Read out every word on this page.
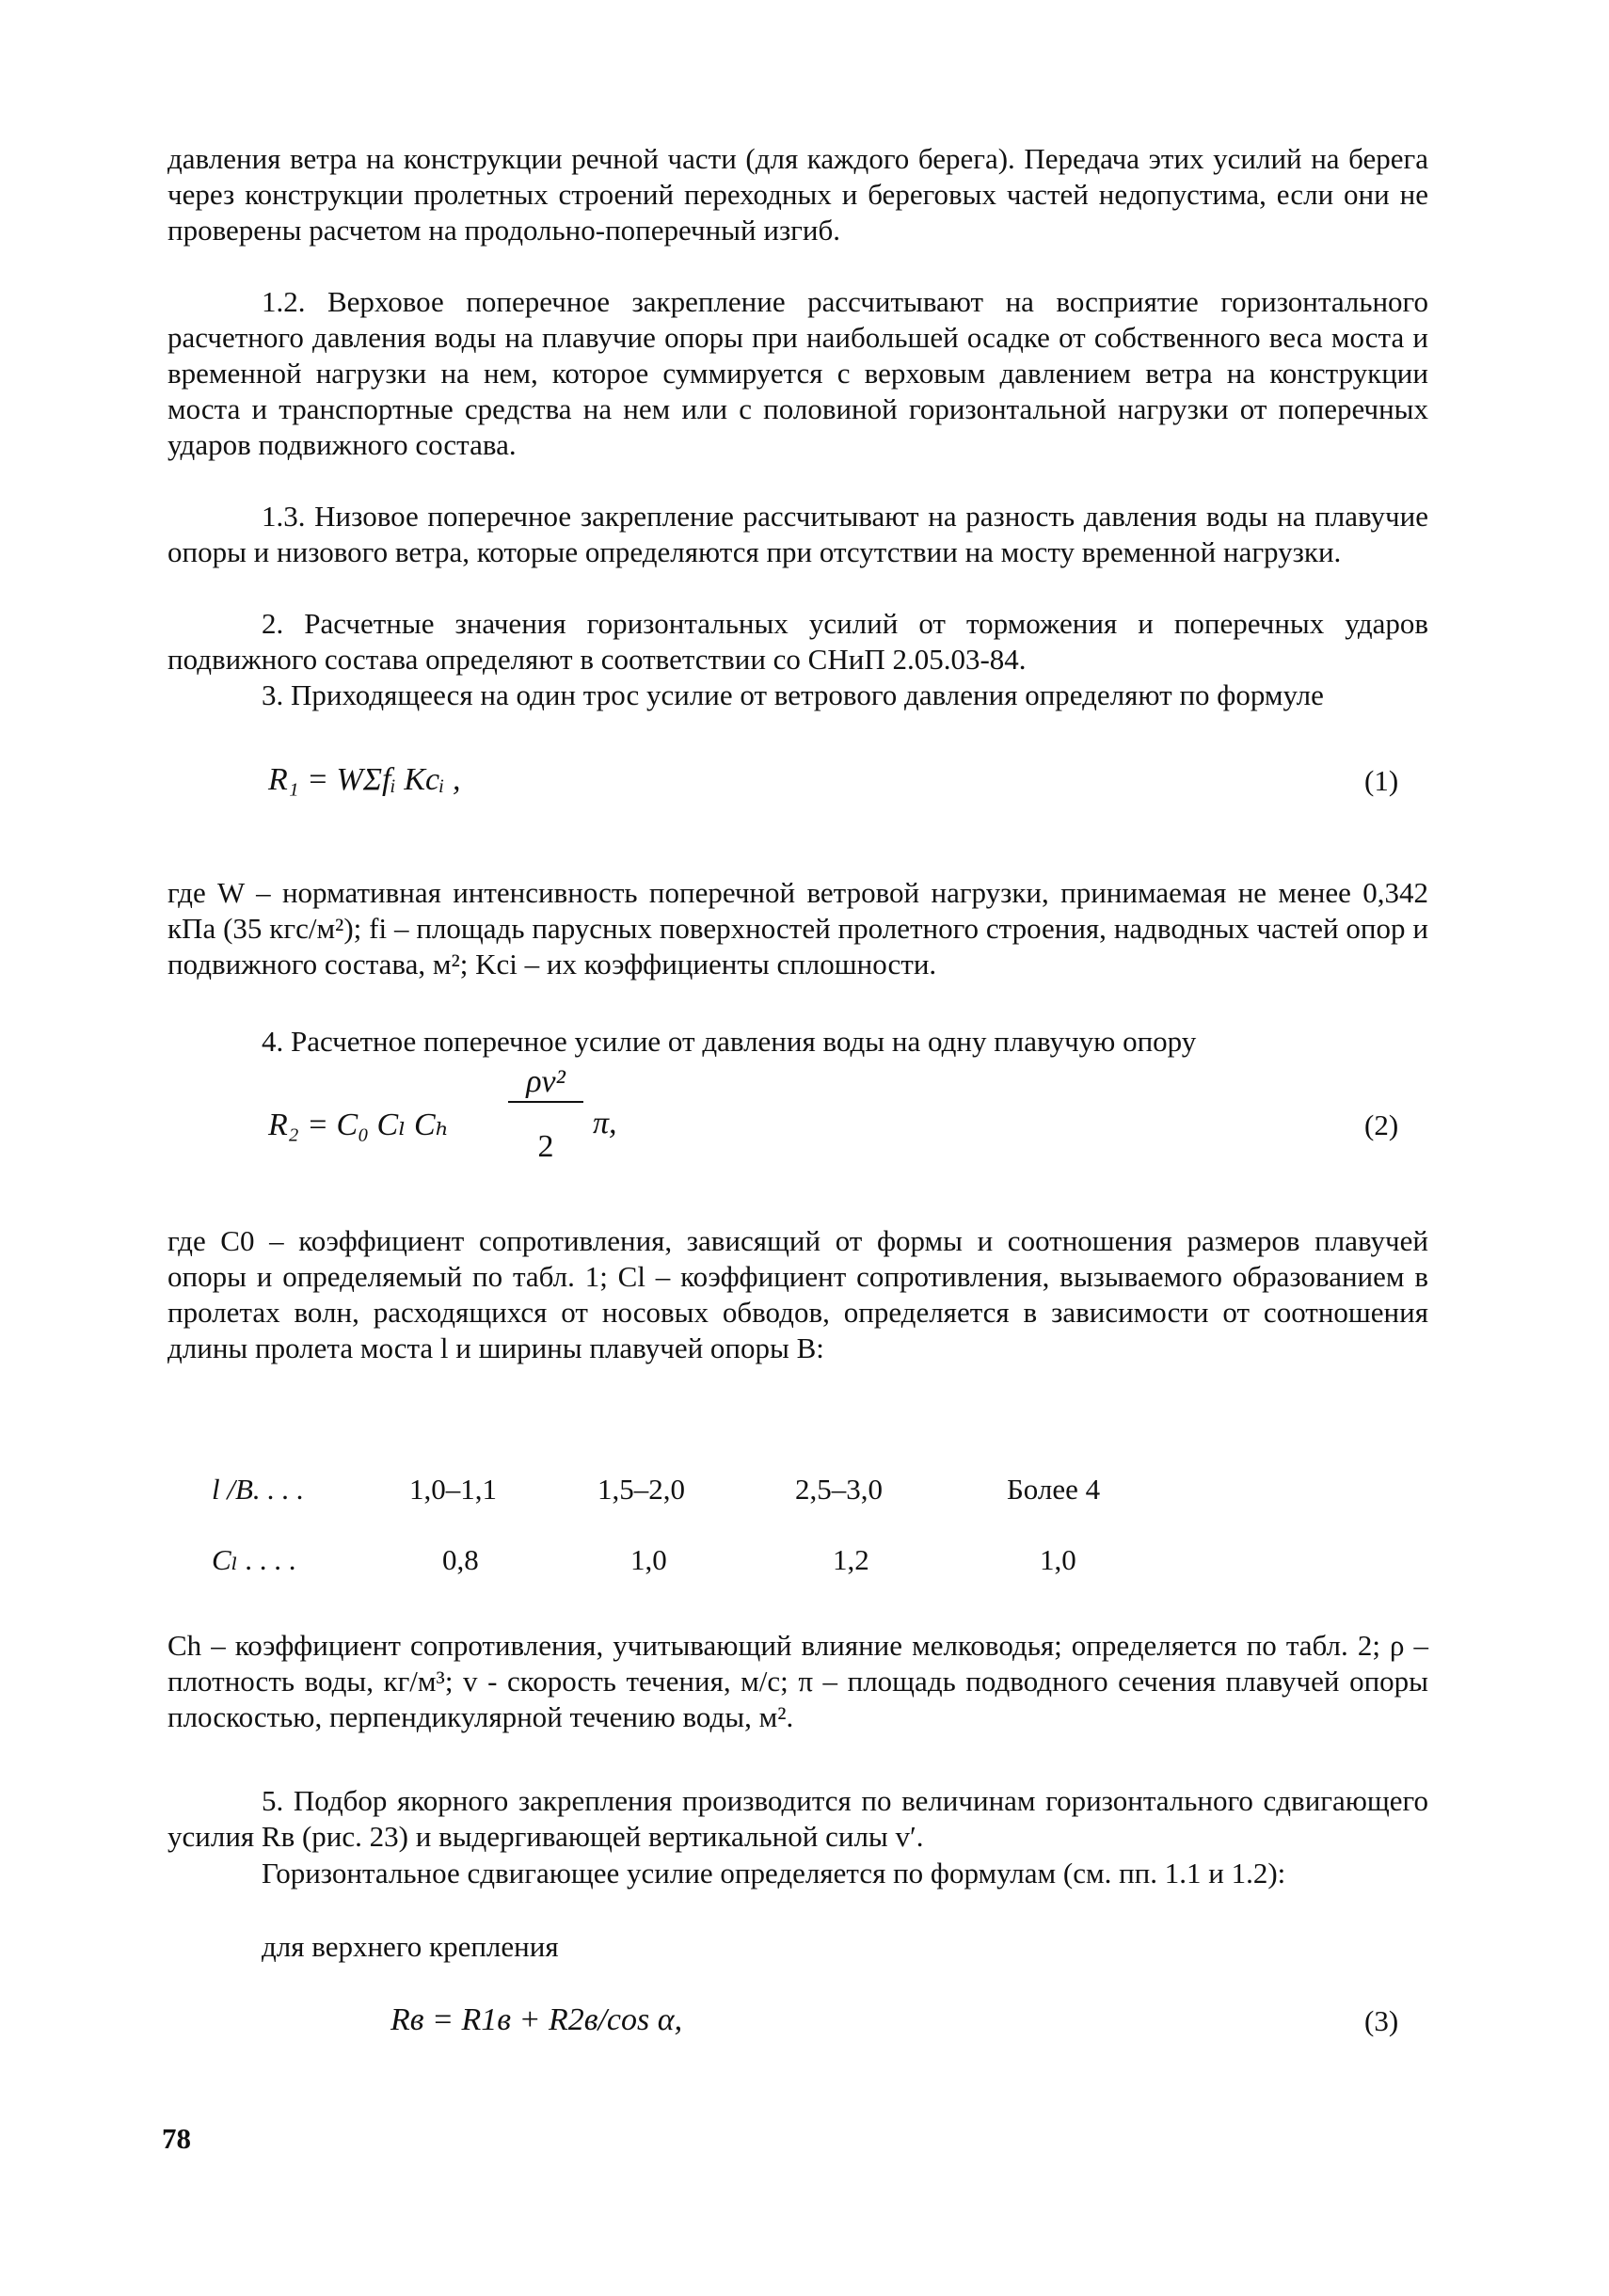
давления ветра на конструкции речной части (для каждого берега). Передача этих усилий на берега через конструкции пролетных строений переходных и береговых частей недопустима, если они не проверены расчетом на продольно-поперечный изгиб.

1.2. Верховое поперечное закрепление рассчитывают на восприятие горизонтального расчетного давления воды на плавучие опоры при наибольшей осадке от собственного веса моста и временной нагрузки на нем, которое суммируется с верховым давлением ветра на конструкции моста и транспортные средства на нем или с половиной горизонтальной нагрузки от поперечных ударов подвижного состава.

1.3. Низовое поперечное закрепление рассчитывают на разность давления воды на плавучие опоры и низового ветра, которые определяются при отсутствии на мосту временной нагрузки.

2. Расчетные значения горизонтальных усилий от торможения и поперечных ударов подвижного состава определяют в соответствии со СНиП 2.05.03-84.

3. Приходящееся на один трос усилие от ветрового давления определяют по формуле

R₁ = WΣfᵢ Kcᵢ ,	(1)

где W – нормативная интенсивность поперечной ветровой нагрузки, принимаемая не менее 0,342 кПа (35 кгс/м²); fi – площадь парусных поверхностей пролетного строения, надводных частей опор и подвижного состава, м²; Kci – их коэффициенты сплошности.

4. Расчетное поперечное усилие от давления воды на одну плавучую опору

R₂ = C₀ Cₗ Cₕ
ρv²
2
π,	(2)

где C0 – коэффициент сопротивления, зависящий от формы и соотношения размеров плавучей опоры и определяемый по табл. 1; Cl – коэффициент сопротивления, вызываемого образованием в пролетах волн, расходящихся от носовых обводов, определяется в зависимости от соотношения длины пролета моста l и ширины плавучей опоры B:

l /B. . . .	1,0–1,1	1,5–2,0	2,5–3,0	Более 4
Cₗ . . . .	0,8	1,0	1,2	1,0

Ch – коэффициент сопротивления, учитывающий влияние мелководья; определяется по табл. 2; ρ – плотность воды, кг/м³; v - скорость течения, м/с; π – площадь подводного сечения плавучей опоры плоскостью, перпендикулярной течению воды, м².

5. Подбор якорного закрепления производится по величинам горизонтального сдвигающего усилия Rв (рис. 23) и выдергивающей вертикальной силы v′.

Горизонтальное сдвигающее усилие определяется по формулам (см. пп. 1.1 и 1.2):

для верхнего крепления

Rв = R1в + R2в/cos α,	(3)
78
